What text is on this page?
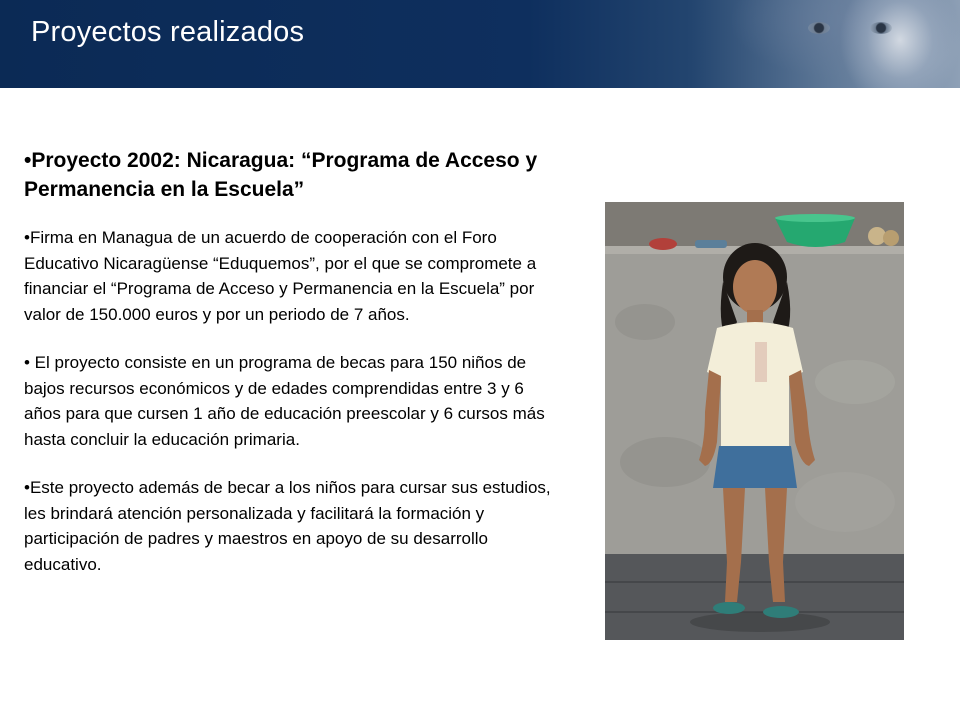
Proyectos realizados
•Proyecto 2002: Nicaragua: “Programa de Acceso y Permanencia en la Escuela”
•Firma en Managua de un acuerdo de cooperación con el Foro Educativo Nicaragüense “Eduquemos”, por el que se compromete a financiar el “Programa de Acceso y Permanencia en la Escuela” por valor de 150.000 euros y por un periodo de 7 años.
• El proyecto consiste en un programa de becas para 150 niños de bajos recursos económicos y de edades comprendidas entre 3 y 6 años para que cursen 1 año de educación preescolar y 6 cursos más hasta concluir la educación primaria.
•Este proyecto además de becar a los niños para cursar sus estudios, les brindará atención personalizada y facilitará la formación y participación de padres y maestros en apoyo de su desarrollo educativo.
